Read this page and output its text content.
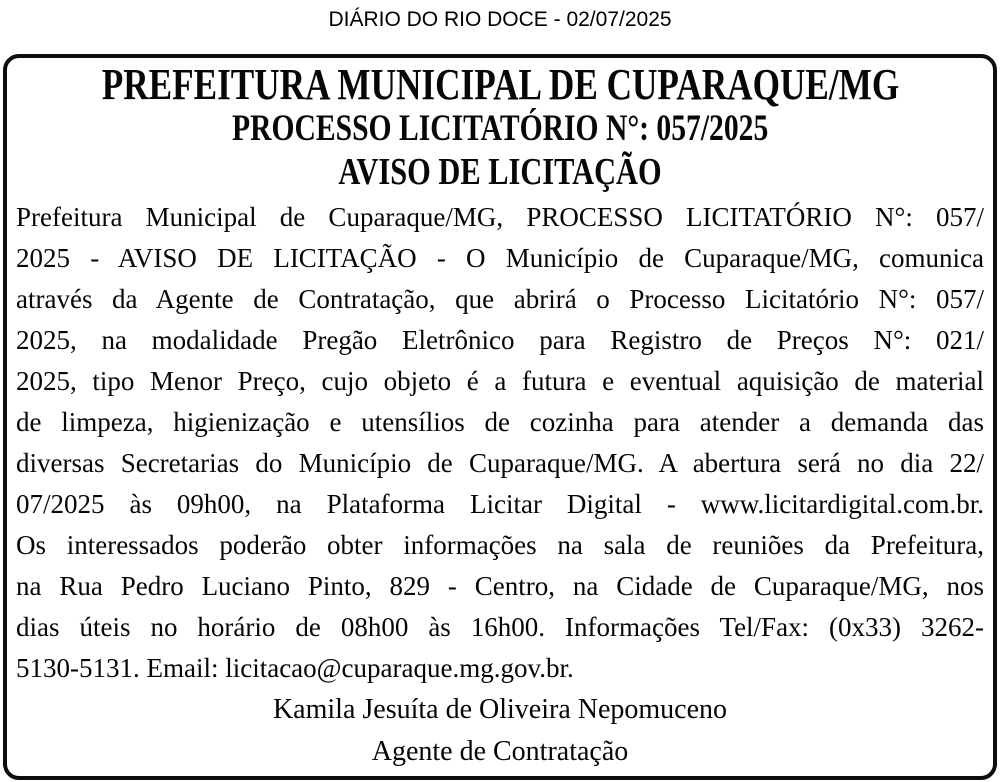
DIÁRIO DO RIO DOCE - 02/07/2025
PREFEITURA MUNICIPAL DE CUPARAQUE/MG
PROCESSO LICITATÓRIO N°: 057/2025
AVISO DE LICITAÇÃO
Prefeitura Municipal de Cuparaque/MG, PROCESSO LICITATÓRIO N°: 057/
2025 - AVISO DE LICITAÇÃO - O Município de Cuparaque/MG, comunica
através da Agente de Contratação, que abrirá o Processo Licitatório N°: 057/
2025, na modalidade Pregão Eletrônico para Registro de Preços N°: 021/
2025, tipo Menor Preço, cujo objeto é a futura e eventual aquisição de material
de limpeza, higienização e utensílios de cozinha para atender a demanda das
diversas Secretarias do Município de Cuparaque/MG. A abertura será no dia 22/
07/2025 às 09h00, na Plataforma Licitar Digital - www.licitardigital.com.br.
Os interessados poderão obter informações na sala de reuniões da Prefeitura,
na Rua Pedro Luciano Pinto, 829 - Centro, na Cidade de Cuparaque/MG, nos
dias úteis no horário de 08h00 às 16h00. Informações Tel/Fax: (0x33) 3262-
5130-5131. Email: licitacao@cuparaque.mg.gov.br.
Kamila Jesuíta de Oliveira Nepomuceno
Agente de Contratação
